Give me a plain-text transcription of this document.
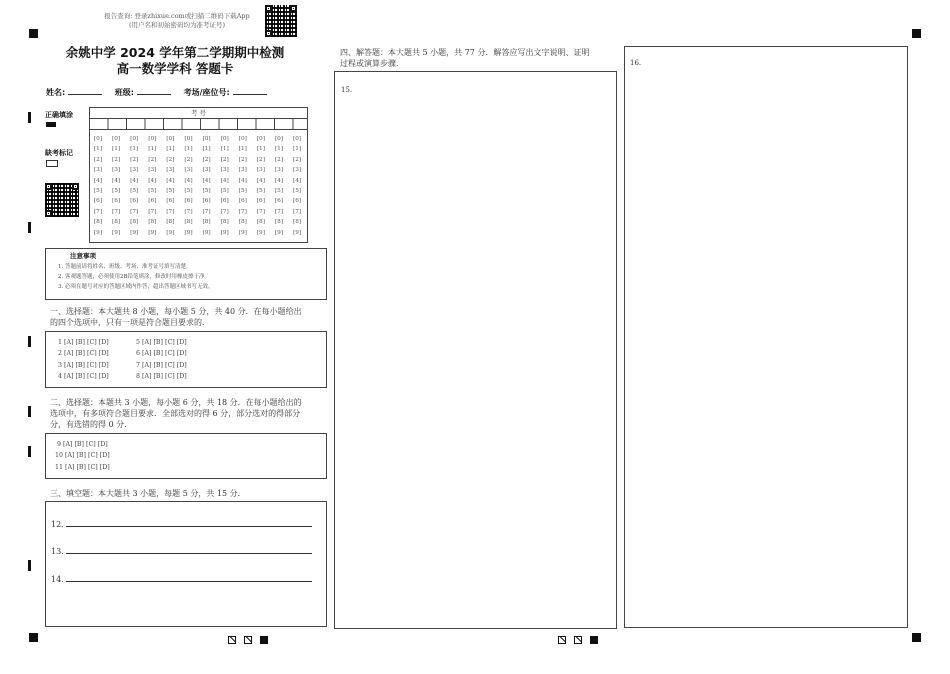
报告查询: 登录zhixue.com或扫描二维码下载App
(用户名和初始密码均为准考证号)
余姚中学 2024 学年第二学期期中检测
高一数学学科 答题卡
姓名:	班级:	考场/座位号:
正确填涂
缺考标记
考 号
[0]
[1]
[2]
[3]
[4]
[5]
[6]
[7]
[8]
[9]
[0]
[1]
[2]
[3]
[4]
[5]
[6]
[7]
[8]
[9]
[0]
[1]
[2]
[3]
[4]
[5]
[6]
[7]
[8]
[9]
[0]
[1]
[2]
[3]
[4]
[5]
[6]
[7]
[8]
[9]
[0]
[1]
[2]
[3]
[4]
[5]
[6]
[7]
[8]
[9]
[0]
[1]
[2]
[3]
[4]
[5]
[6]
[7]
[8]
[9]
[0]
[1]
[2]
[3]
[4]
[5]
[6]
[7]
[8]
[9]
[0]
[1]
[2]
[3]
[4]
[5]
[6]
[7]
[8]
[9]
[0]
[1]
[2]
[3]
[4]
[5]
[6]
[7]
[8]
[9]
[0]
[1]
[2]
[3]
[4]
[5]
[6]
[7]
[8]
[9]
[0]
[1]
[2]
[3]
[4]
[5]
[6]
[7]
[8]
[9]
[0]
[1]
[2]
[3]
[4]
[5]
[6]
[7]
[8]
[9]
注意事项
1. 答题前请将姓名、班级、考场、准考证号填写清楚。
2. 客观题答题，必须使用2B铅笔填涂，修改时用橡皮擦干净。
3. 必须在题号对应的答题区域内作答，超出答题区域书写无效。
一、选择题：本大题共 8 小题，每小题 5 分，共 40 分．在每小题给出
的四个选项中，只有一项是符合题目要求的．
1 [A] [B] [C] [D]
2 [A] [B] [C] [D]
3 [A] [B] [C] [D]
4 [A] [B] [C] [D]
5 [A] [B] [C] [D]
6 [A] [B] [C] [D]
7 [A] [B] [C] [D]
8 [A] [B] [C] [D]
二、选择题：本题共 3 小题，每小题 6 分，共 18 分．在每小题给出的
选项中，有多项符合题目要求．全部选对的得 6 分，部分选对的得部分
分，有选错的得 0 分．
9 [A] [B] [C] [D]
10 [A] [B] [C] [D]
11 [A] [B] [C] [D]
三、填空题：本大题共 3 小题，每题 5 分，共 15 分．
12.
13.
14.
四、解答题：本大题共 5 小题，共 77 分．解答应写出文字说明、证明
过程或演算步骤．
15.
16.
